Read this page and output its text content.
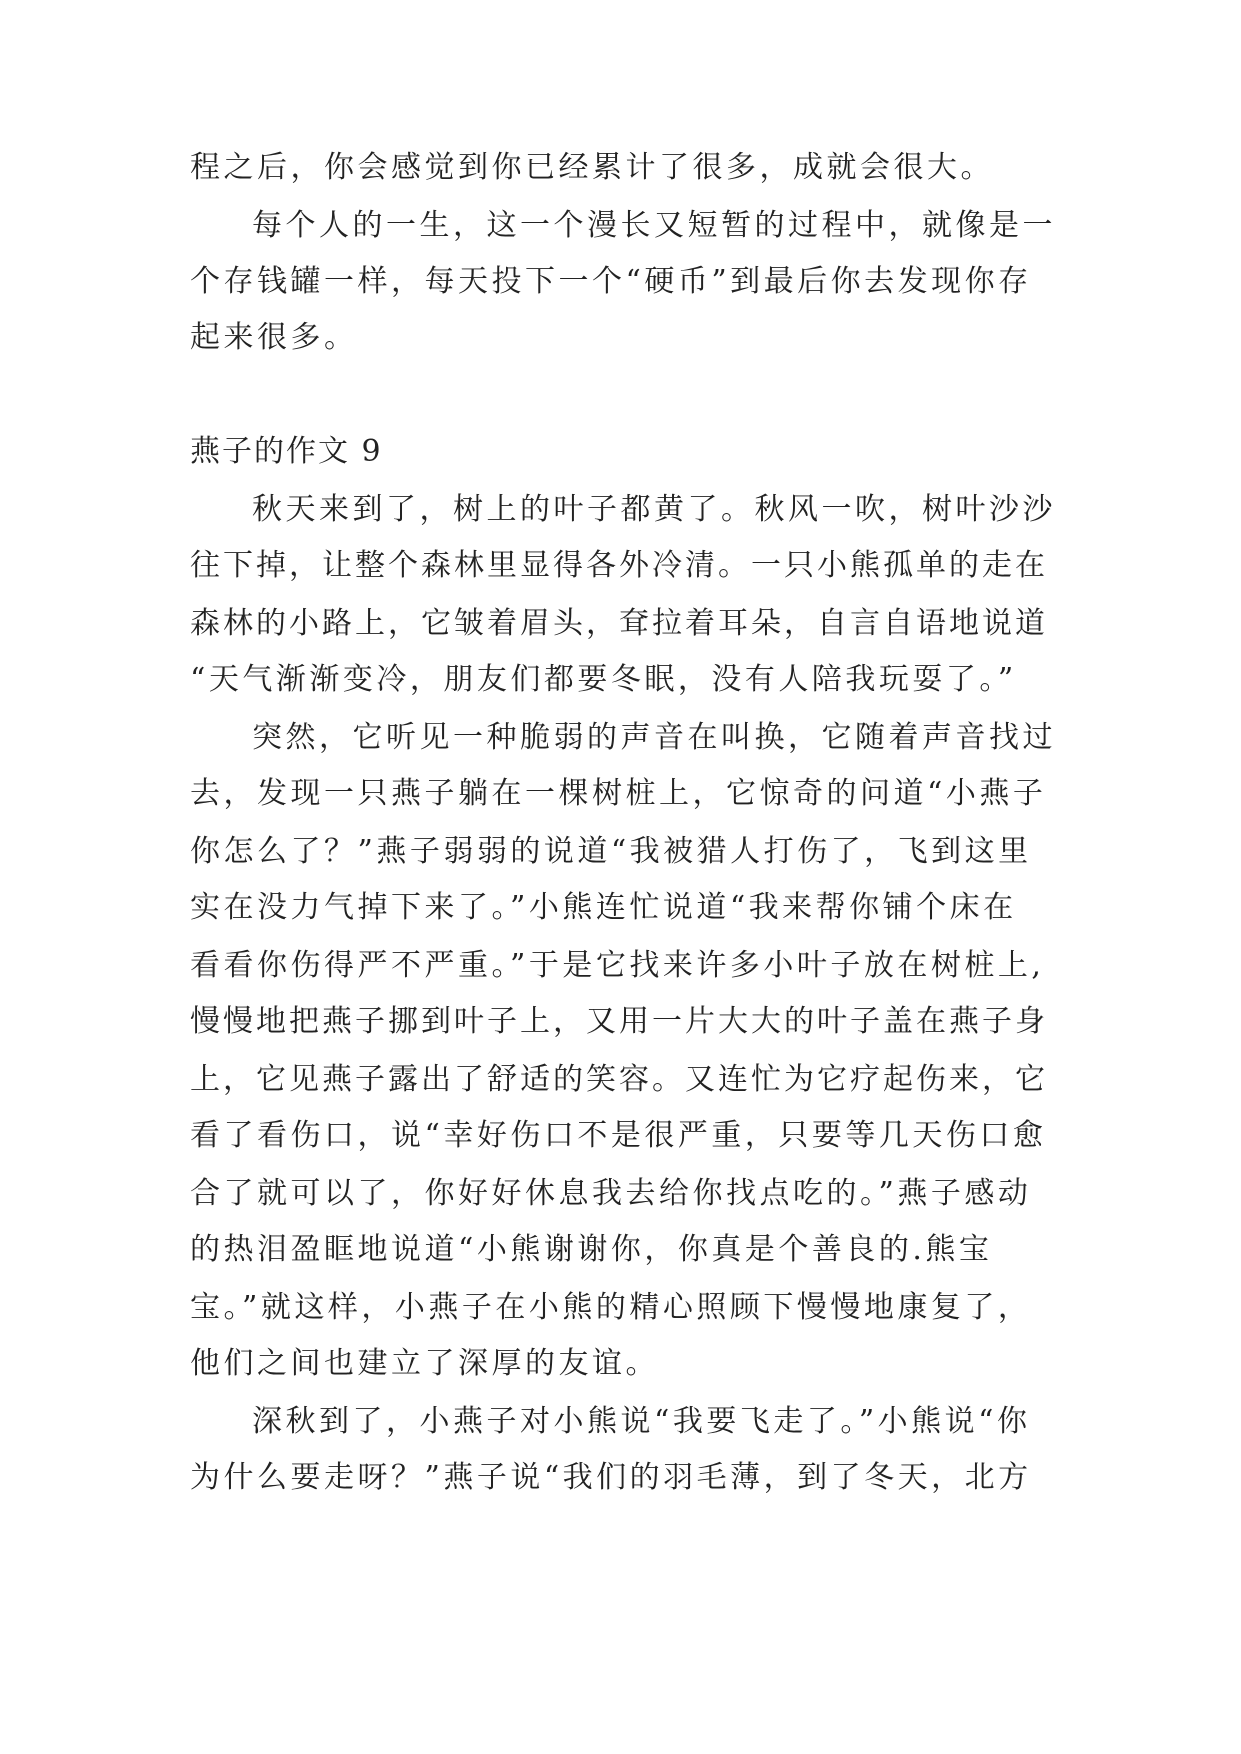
程之后，你会感觉到你已经累计了很多，成就会很大。

每个人的一生，这一个漫长又短暂的过程中，就像是一

个存钱罐一样，每天投下一个“硬币”到最后你去发现你存

起来很多。

燕子的作文 9

秋天来到了，树上的叶子都黄了。秋风一吹，树叶沙沙

往下掉，让整个森林里显得各外冷清。一只小熊孤单的走在

森林的小路上，它皱着眉头，耷拉着耳朵，自言自语地说道

“天气渐渐变冷，朋友们都要冬眠，没有人陪我玩耍了。”

突然，它听见一种脆弱的声音在叫换，它随着声音找过

去，发现一只燕子躺在一棵树桩上，它惊奇的问道“小燕子

你怎么了？”燕子弱弱的说道“我被猎人打伤了，飞到这里

实在没力气掉下来了。”小熊连忙说道“我来帮你铺个床在

看看你伤得严不严重。”于是它找来许多小叶子放在树桩上,

慢慢地把燕子挪到叶子上，又用一片大大的叶子盖在燕子身

上，它见燕子露出了舒适的笑容。又连忙为它疗起伤来，它

看了看伤口，说“幸好伤口不是很严重，只要等几天伤口愈

合了就可以了，你好好休息我去给你找点吃的。”燕子感动

的热泪盈眶地说道“小熊谢谢你，你真是个善良的.熊宝

宝。”就这样，小燕子在小熊的精心照顾下慢慢地康复了，

他们之间也建立了深厚的友谊。

深秋到了，小燕子对小熊说“我要飞走了。”小熊说“你

为什么要走呀？”燕子说“我们的羽毛薄，到了冬天，北方
